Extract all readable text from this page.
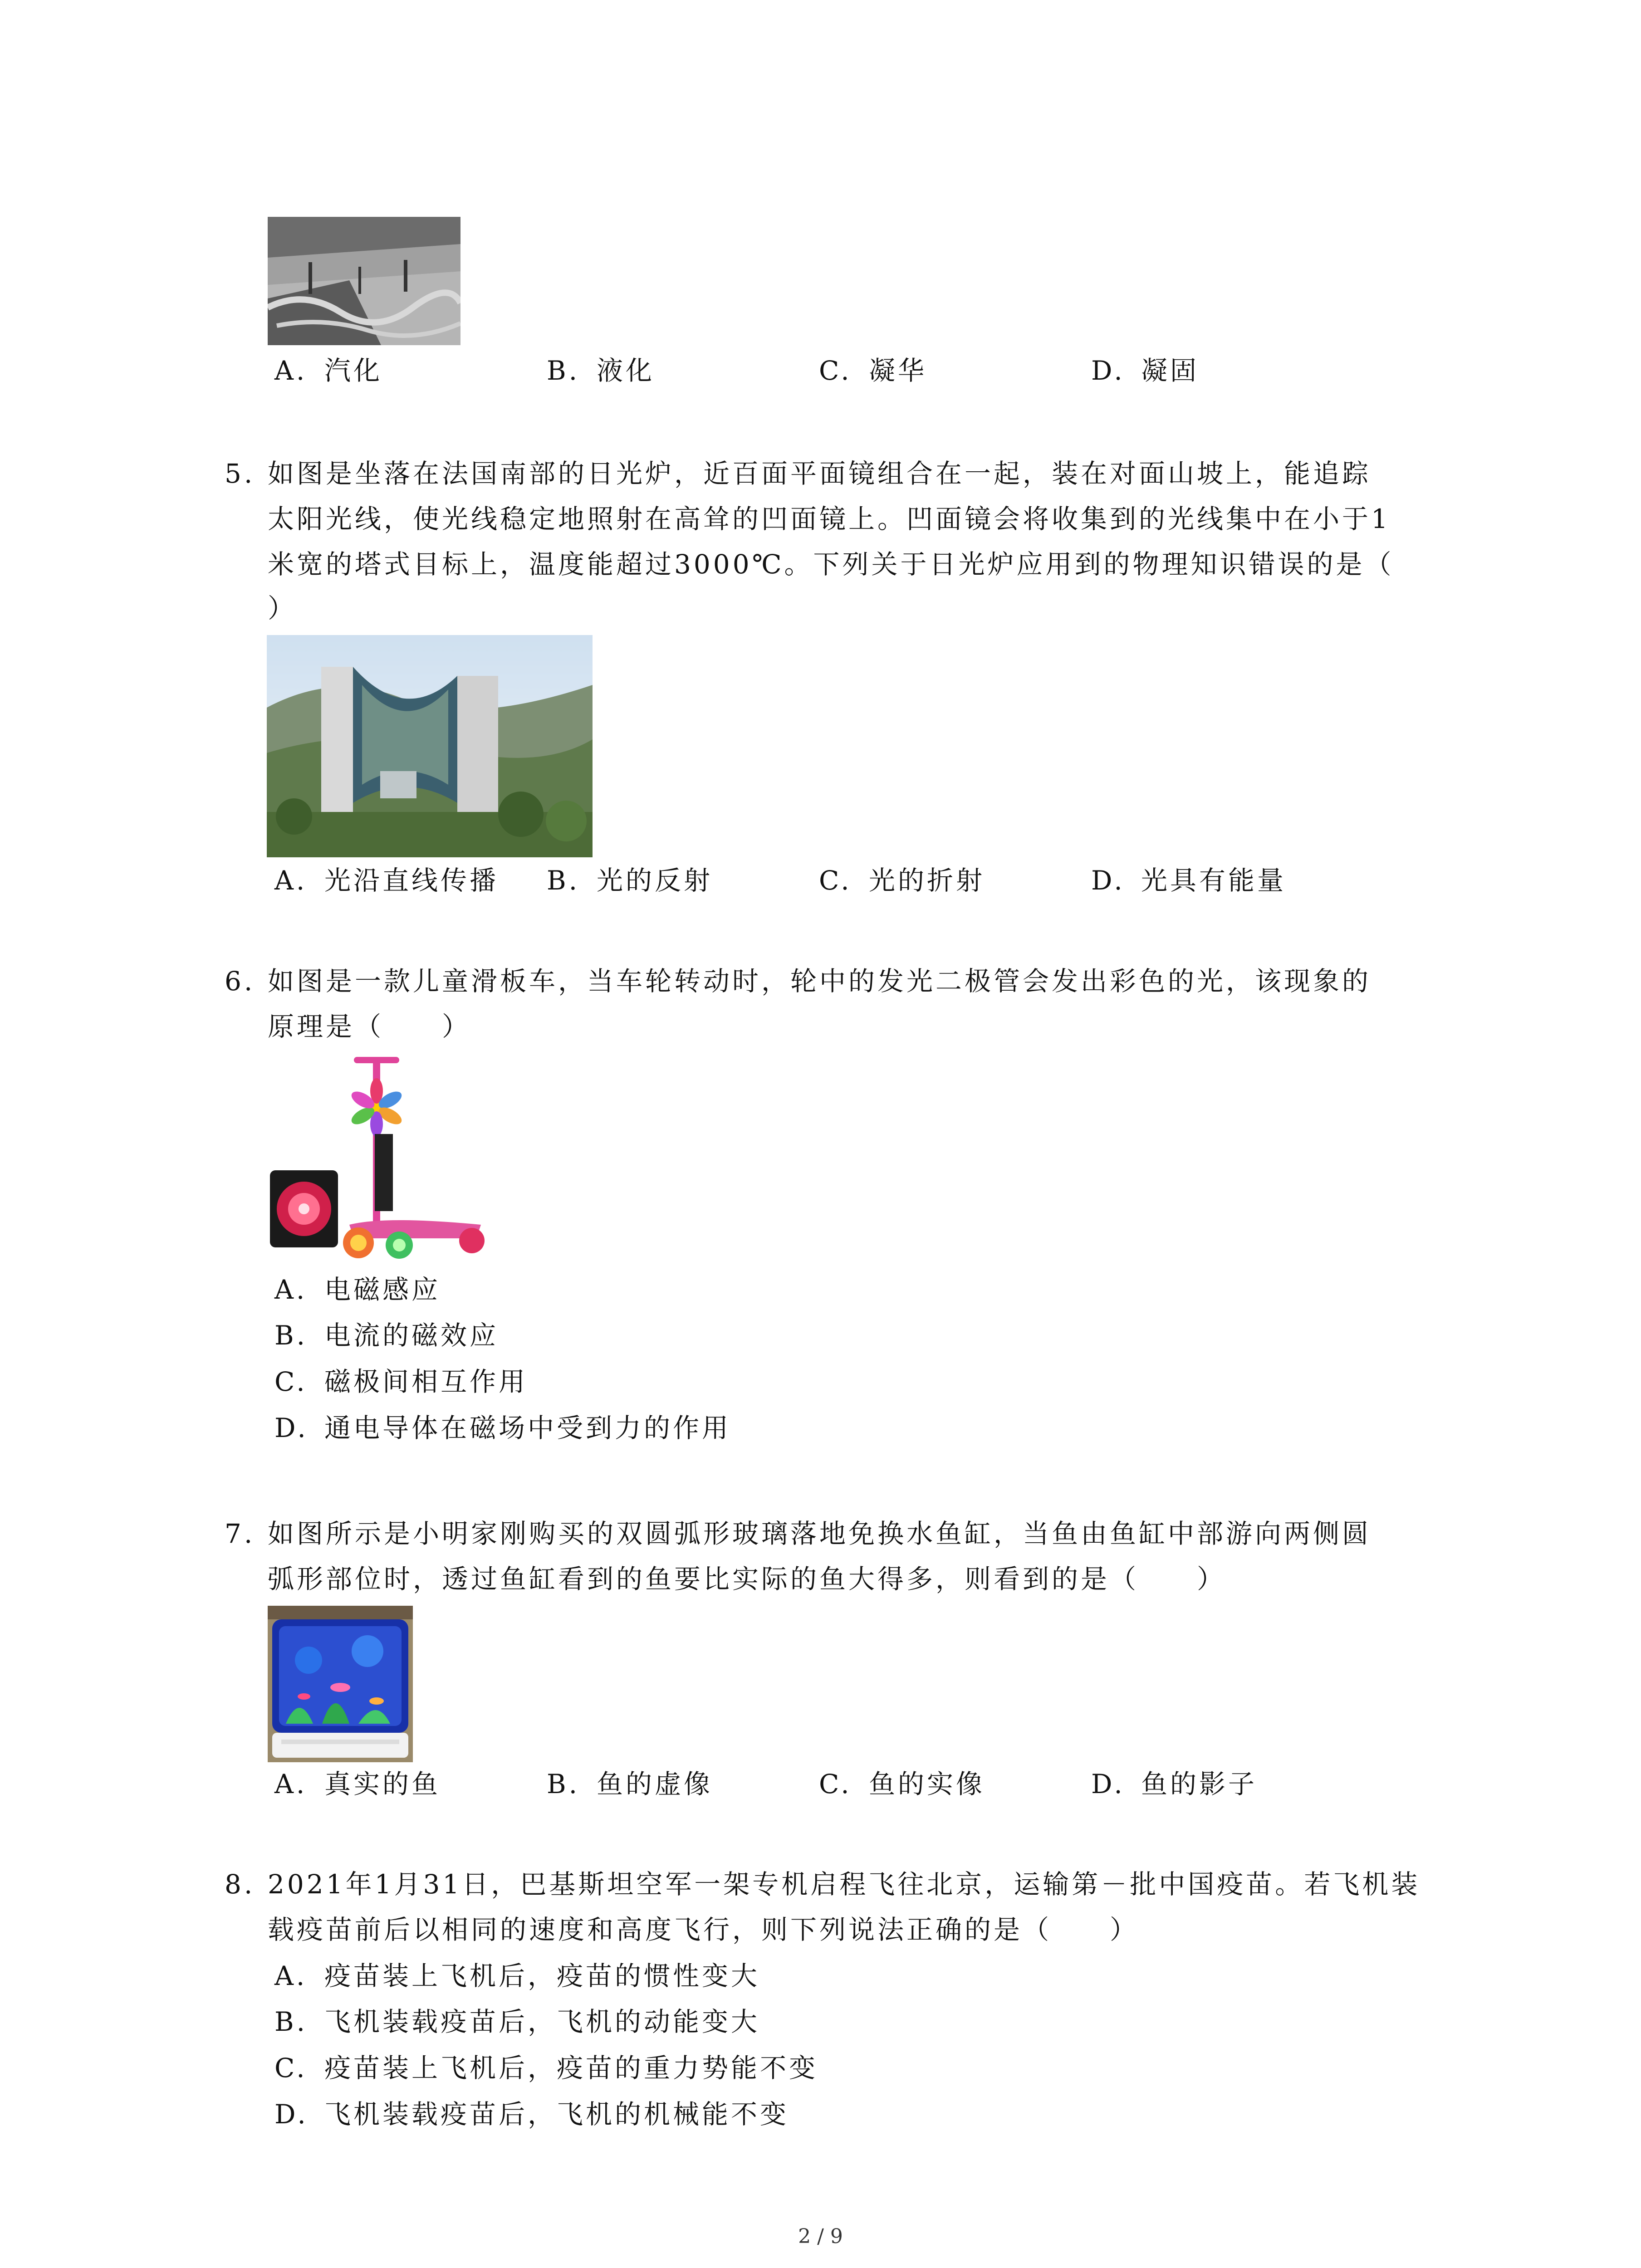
A. 汽化	B. 液化	C. 凝华	D. 凝固
5. 如图是坐落在法国南部的日光炉，近百面平面镜组合在一起，装在对面山坡上，能追踪
太阳光线，使光线稳定地照射在高耸的凹面镜上。凹面镜会将收集到的光线集中在小于1
米宽的塔式目标上，温度能超过3000℃。下列关于日光炉应用到的物理知识错误的是（
）
A. 光沿直线传播 B. 光的反射	C. 光的折射	D. 光具有能量
6. 如图是一款儿童滑板车，当车轮转动时，轮中的发光二极管会发出彩色的光，该现象的
原理是（　　）
A. 电磁感应
B. 电流的磁效应
C. 磁极间相互作用
D. 通电导体在磁场中受到力的作用
7. 如图所示是小明家刚购买的双圆弧形玻璃落地免换水鱼缸，当鱼由鱼缸中部游向两侧圆
弧形部位时，透过鱼缸看到的鱼要比实际的鱼大得多，则看到的是（　　）
A. 真实的鱼	B. 鱼的虚像	C. 鱼的实像	D. 鱼的影子
8. 2021年1月31日，巴基斯坦空军一架专机启程飞往北京，运输第－批中国疫苗。若飞机装
载疫苗前后以相同的速度和高度飞行，则下列说法正确的是（　　）
A. 疫苗装上飞机后，疫苗的惯性变大
B. 飞机装载疫苗后，飞机的动能变大
C. 疫苗装上飞机后，疫苗的重力势能不变
D. 飞机装载疫苗后，飞机的机械能不变
2 / 9
